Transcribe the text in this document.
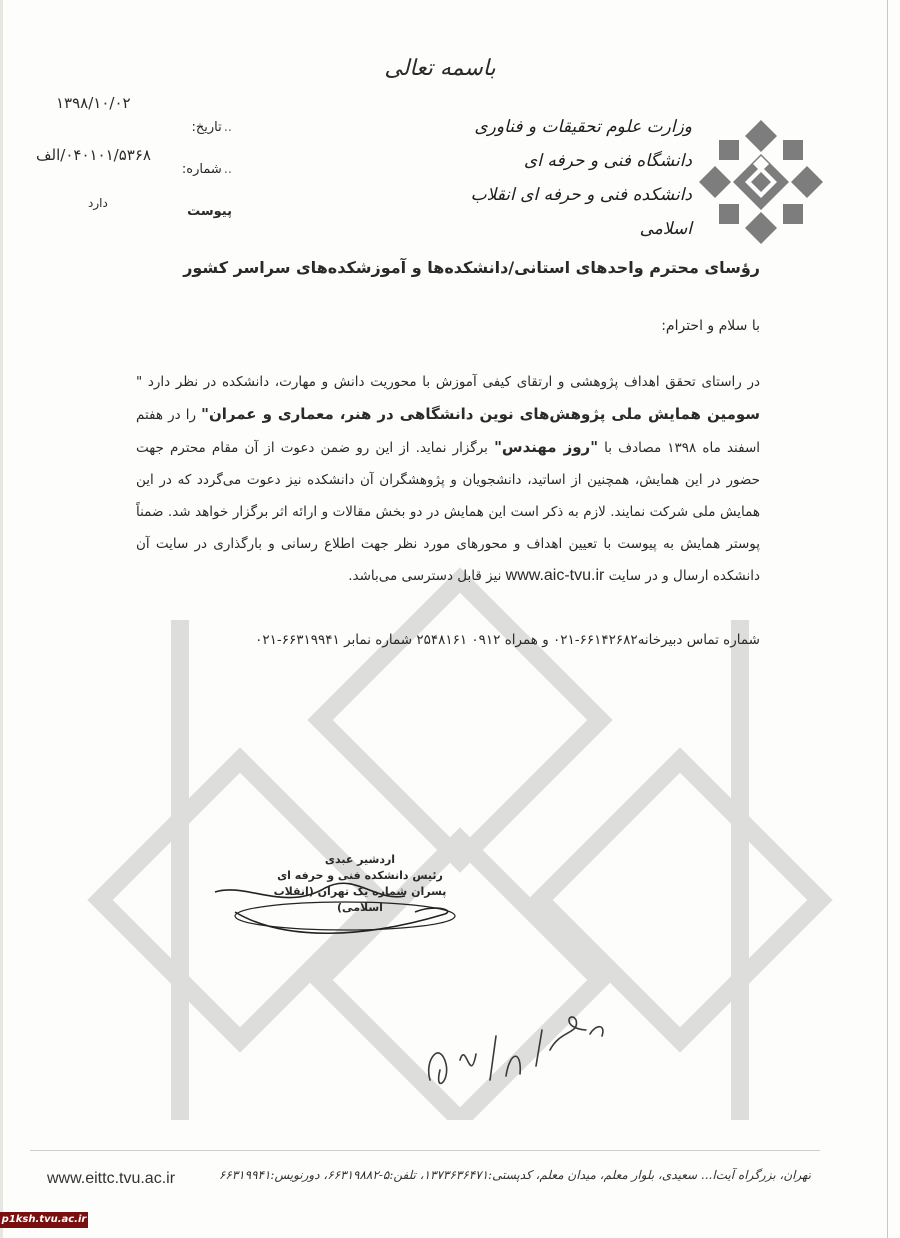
باسمه تعالی
وزارت علوم تحقیقات و فناوری
دانشگاه فنی و حرفه ای
دانشکده فنی و حرفه ای انقلاب اسلامی
.. تاریخ:
.. شماره:
پیوست
۱۳۹۸/۱۰/۰۲
۰۴۰۱۰۱/۵۳۶۸/الف
دارد
رؤسای محترم واحدهای استانی/دانشکده‌ها و آموزشکده‌های سراسر کشور
با سلام و احترام:
در راستای تحقق اهداف پژوهشی و ارتقای کیفی آموزش با محوریت دانش و مهارت، دانشکده در نظر دارد " سومین همایش ملی پژوهش‌های نوین دانشگاهی در هنر، معماری و عمران" را در هفتم اسفند ماه ۱۳۹۸ مصادف با "روز مهندس" برگزار نماید. از این رو ضمن دعوت از آن مقام محترم جهت حضور در این همایش، همچنین از اساتید، دانشجویان و پژوهشگران آن دانشکده نیز دعوت می‌گردد که در این همایش ملی شرکت نمایند. لازم به ذکر است این همایش در دو بخش مقالات و ارائه اثر برگزار خواهد شد. ضمناً پوستر همایش به پیوست با تعیین اهداف و محورهای مورد نظر جهت اطلاع رسانی و بارگذاری در سایت آن دانشکده ارسال و در سایت www.aic-tvu.ir نیز قابل دسترسی می‌باشد.
شماره تماس دبیرخانه۶۶۱۴۲۶۸۲-۰۲۱ و همراه ۰۹۱۲ ۲۵۴۸۱۶۱ شماره نمابر ۶۶۳۱۹۹۴۱-۰۲۱
اردشیر عبدی
رئیس دانشکده فنی و حرفه ای
پسران شماره یک تهران (انقلاب اسلامی)
www.eittc.tvu.ac.ir	تهران، بزرگراه آیت‌ا... سعیدی، بلوار معلم، میدان معلم، کدپستی:۱۳۷۳۶۳۶۴۷۱، تلفن:۵-۶۶۳۱۹۸۸۲، دورنویس:۶۶۳۱۹۹۴۱
p1ksh.tvu.ac.ir
